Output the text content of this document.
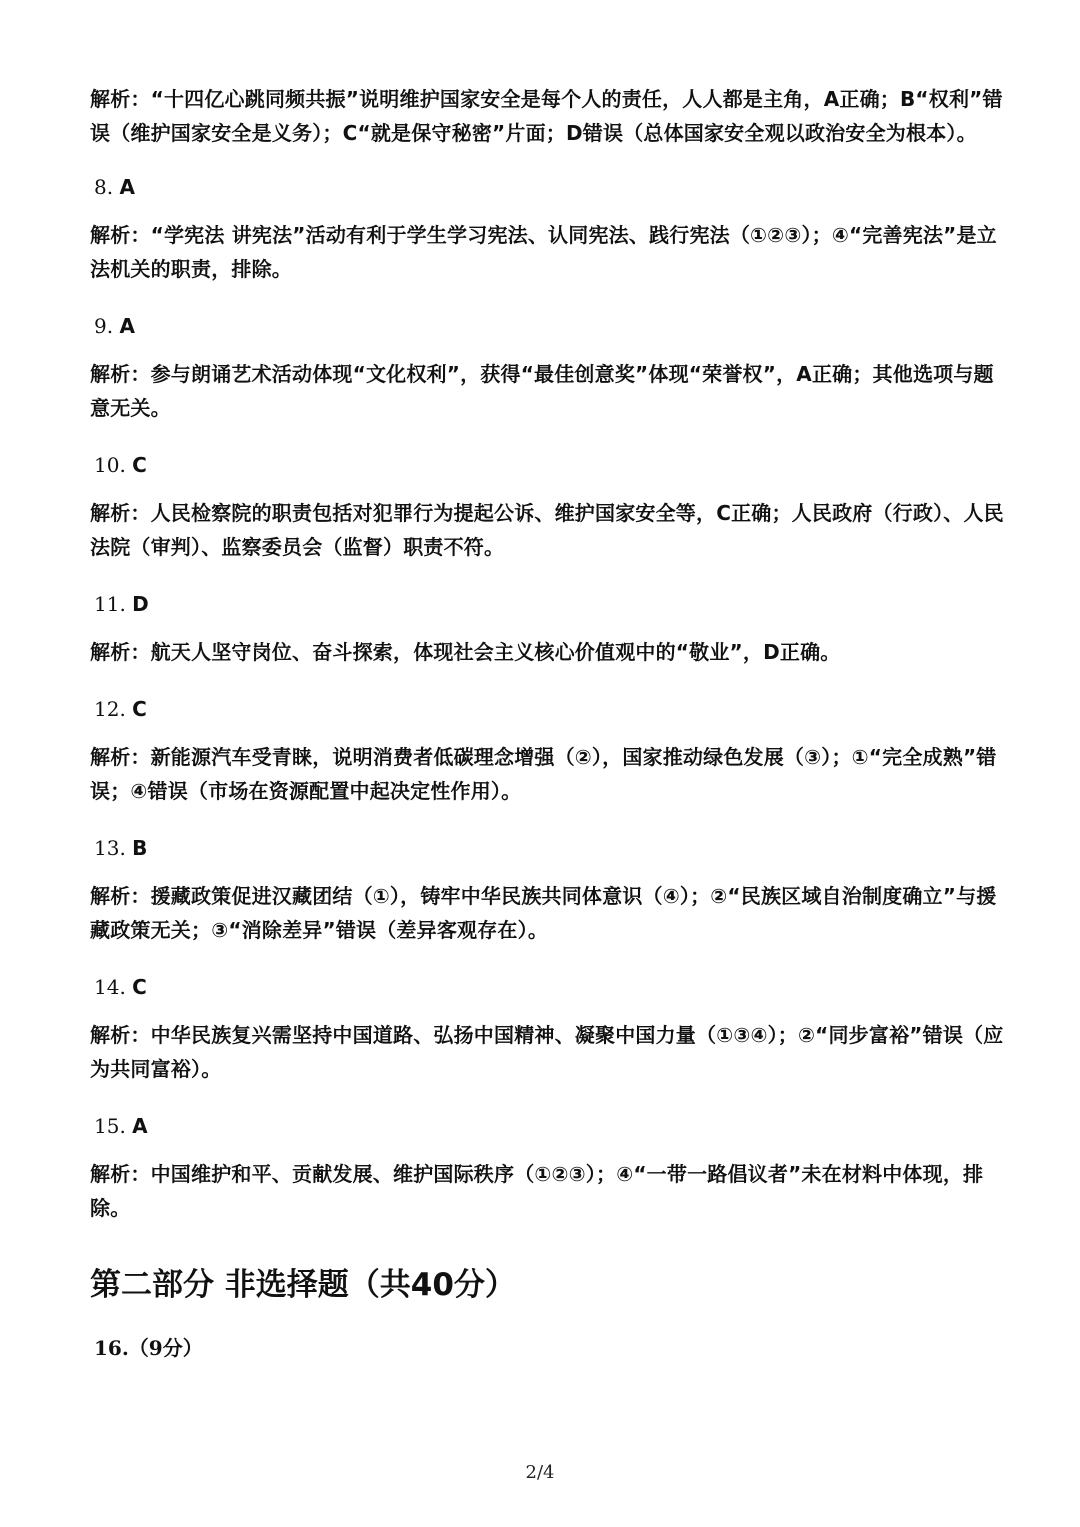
解析：“十四亿心跳同频共振”说明维护国家安全是每个人的责任，人人都是主角，A正确；B“权利”错误（维护国家安全是义务）；C“就是保守秘密”片面；D错误（总体国家安全观以政治安全为根本）。

8. A

解析：“学宪法 讲宪法”活动有利于学生学习宪法、认同宪法、践行宪法（①②③）；④“完善宪法”是立法机关的职责，排除。

9. A

解析：参与朗诵艺术活动体现“文化权利”，获得“最佳创意奖”体现“荣誉权”，A正确；其他选项与题意无关。

10. C

解析：人民检察院的职责包括对犯罪行为提起公诉、维护国家安全等，C正确；人民政府（行政）、人民法院（审判）、监察委员会（监督）职责不符。

11. D

解析：航天人坚守岗位、奋斗探索，体现社会主义核心价值观中的“敬业”，D正确。

12. C

解析：新能源汽车受青睐，说明消费者低碳理念增强（②），国家推动绿色发展（③）；①“完全成熟”错误；④错误（市场在资源配置中起决定性作用）。

13. B

解析：援藏政策促进汉藏团结（①），铸牢中华民族共同体意识（④）；②“民族区域自治制度确立”与援藏政策无关；③“消除差异”错误（差异客观存在）。

14. C

解析：中华民族复兴需坚持中国道路、弘扬中国精神、凝聚中国力量（①③④）；②“同步富裕”错误（应为共同富裕）。

15. A

解析：中国维护和平、贡献发展、维护国际秩序（①②③）；④“一带一路倡议者”未在材料中体现，排除。

第二部分 非选择题（共40分）

16.（9分）

2/4
